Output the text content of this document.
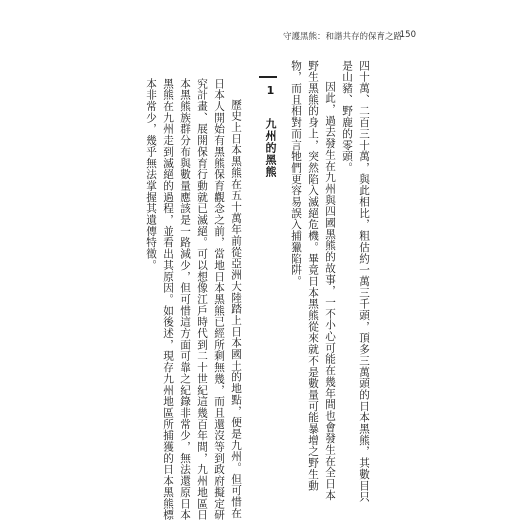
守護黑熊：和諧共存的保育之路
150
四十萬、二百三十萬，與此相比，粗估約一萬三千頭，頂多三萬頭的日本黑熊，其數目只
是山豬、野鹿的零頭。
因此，過去發生在九州與四國黑熊的故事，一不小心可能在幾年間也會發生在全日本
野生黑熊的身上，突然陷入滅絕危機。畢竟日本黑熊從來就不是數量可能暴增之野生動
物，而且相對而言牠們更容易誤入捕獵陷阱。
1 九州的黑熊
歷史上日本黑熊在五十萬年前從亞洲大陸踏上日本國土的地點，便是九州。但可惜在
日本人開始有黑熊保育觀念之前，當地日本黑熊已經所剩無幾，而且還沒等到政府擬定研
究計畫、展開保育行動就已滅絕。可以想像江戶時代到二十世紀這幾百年間，九州地區日
本黑熊族群分布與數量應該是一路減少，但可惜這方面可靠之紀錄非常少，無法還原日本
黑熊在九州走到滅絕的過程，並看出其原因。如後述，現存九州地區所捕獲的日本黑熊標
本非常少，幾乎無法掌握其遺傳特徵。
